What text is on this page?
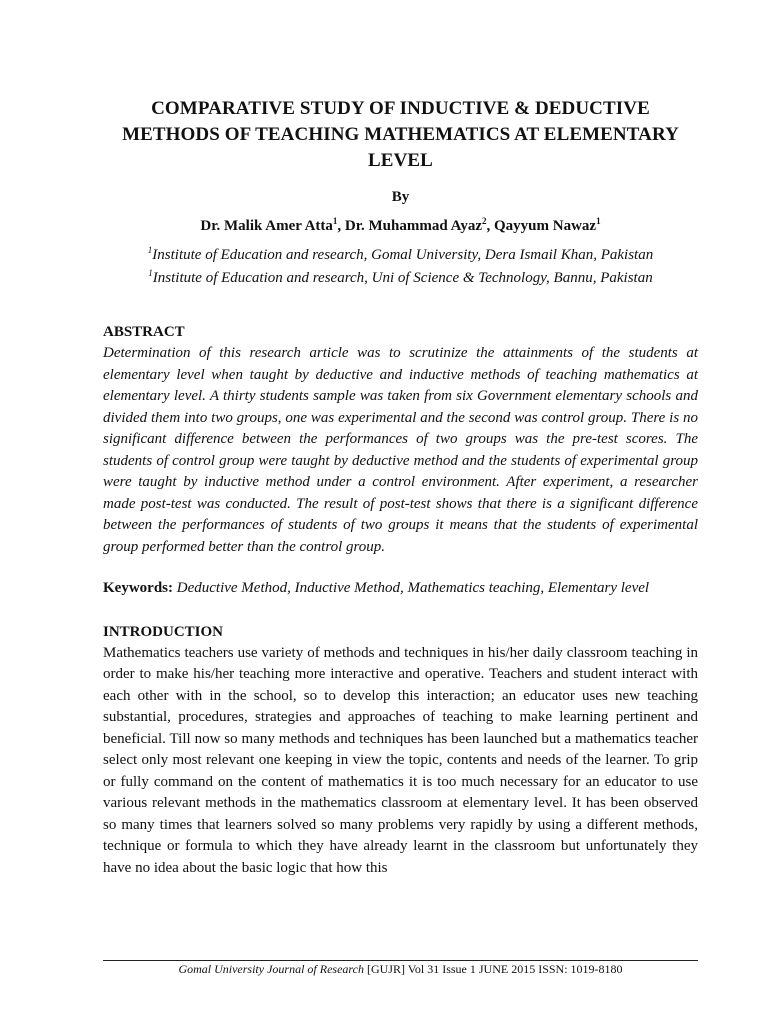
COMPARATIVE STUDY OF INDUCTIVE & DEDUCTIVE
METHODS OF TEACHING MATHEMATICS AT ELEMENTARY
LEVEL
By
Dr. Malik Amer Atta$^1$, Dr. Muhammad Ayaz$^2$, Qayyum Nawaz$^1$
$^1$Institute of Education and research, Gomal University, Dera Ismail Khan, Pakistan
$^1$Institute of Education and research, Uni of Science & Technology, Bannu, Pakistan
ABSTRACT

Determination of this research article was to scrutinize the attainments of the students at elementary level when taught by deductive and inductive methods of teaching mathematics at elementary level. A thirty students sample was taken from six Government elementary schools and divided them into two groups, one was experimental and the second was control group. There is no significant difference between the performances of two groups was the pre-test scores. The students of control group were taught by deductive method and the students of experimental group were taught by inductive method under a control environment. After experiment, a researcher made post-test was conducted. The result of post-test shows that there is a significant difference between the performances of students of two groups it means that the students of experimental group performed better than the control group.

Keywords: Deductive Method, Inductive Method, Mathematics teaching, Elementary level
INTRODUCTION

Mathematics teachers use variety of methods and techniques in his/her daily classroom teaching in order to make his/her teaching more interactive and operative. Teachers and student interact with each other with in the school, so to develop this interaction; an educator uses new teaching substantial, procedures, strategies and approaches of teaching to make learning pertinent and beneficial. Till now so many methods and techniques has been launched but a mathematics teacher select only most relevant one keeping in view the topic, contents and needs of the learner. To grip or fully command on the content of mathematics it is too much necessary for an educator to use various relevant methods in the mathematics classroom at elementary level. It has been observed so many times that learners solved so many problems very rapidly by using a different methods, technique or formula to which they have already learnt in the classroom but unfortunately they have no idea about the basic logic that how this

Gomal University Journal of Research [GUJR] Vol 31 Issue 1 JUNE 2015 ISSN: 1019-8180
